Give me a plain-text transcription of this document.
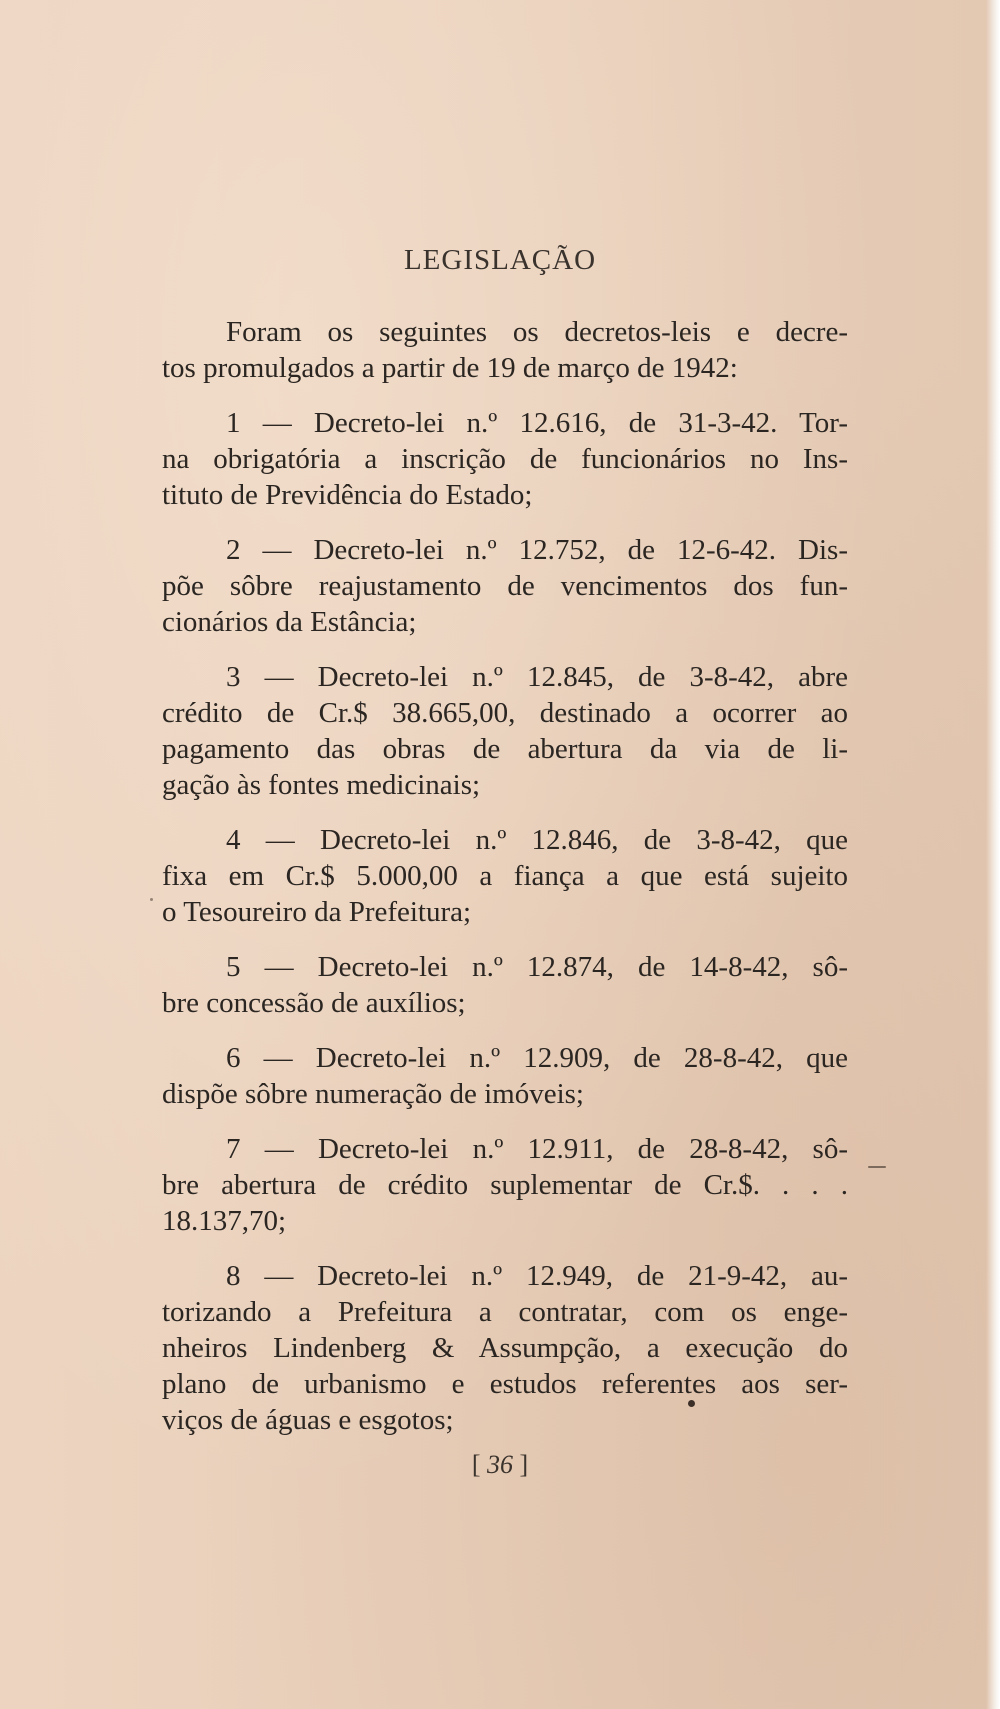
LEGISLAÇÃO

Foram os seguintes os decretos-leis e decre-
tos promulgados a partir de 19 de março de 1942:

1 — Decreto-lei n.º 12.616, de 31-3-42. Tor-
na obrigatória a inscrição de funcionários no Ins-
tituto de Previdência do Estado;

2 — Decreto-lei n.º 12.752, de 12-6-42. Dis-
põe sôbre reajustamento de vencimentos dos fun-
cionários da Estância;

3 — Decreto-lei n.º 12.845, de 3-8-42, abre
crédito de Cr.$ 38.665,00, destinado a ocorrer ao
pagamento das obras de abertura da via de li-
gação às fontes medicinais;

4 — Decreto-lei n.º 12.846, de 3-8-42, que
fixa em Cr.$ 5.000,00 a fiança a que está sujeito
o Tesoureiro da Prefeitura;

5 — Decreto-lei n.º 12.874, de 14-8-42, sô-
bre concessão de auxílios;

6 — Decreto-lei n.º 12.909, de 28-8-42, que
dispõe sôbre numeração de imóveis;

7 — Decreto-lei n.º 12.911, de 28-8-42, sô-
bre abertura de crédito suplementar de Cr.$. . . .
18.137,70;

8 — Decreto-lei n.º 12.949, de 21-9-42, au-
torizando a Prefeitura a contratar, com os enge-
nheiros Lindenberg & Assumpção, a execução do
plano de urbanismo e estudos referentes aos ser-
viços de águas e esgotos;

[ 36 ]
